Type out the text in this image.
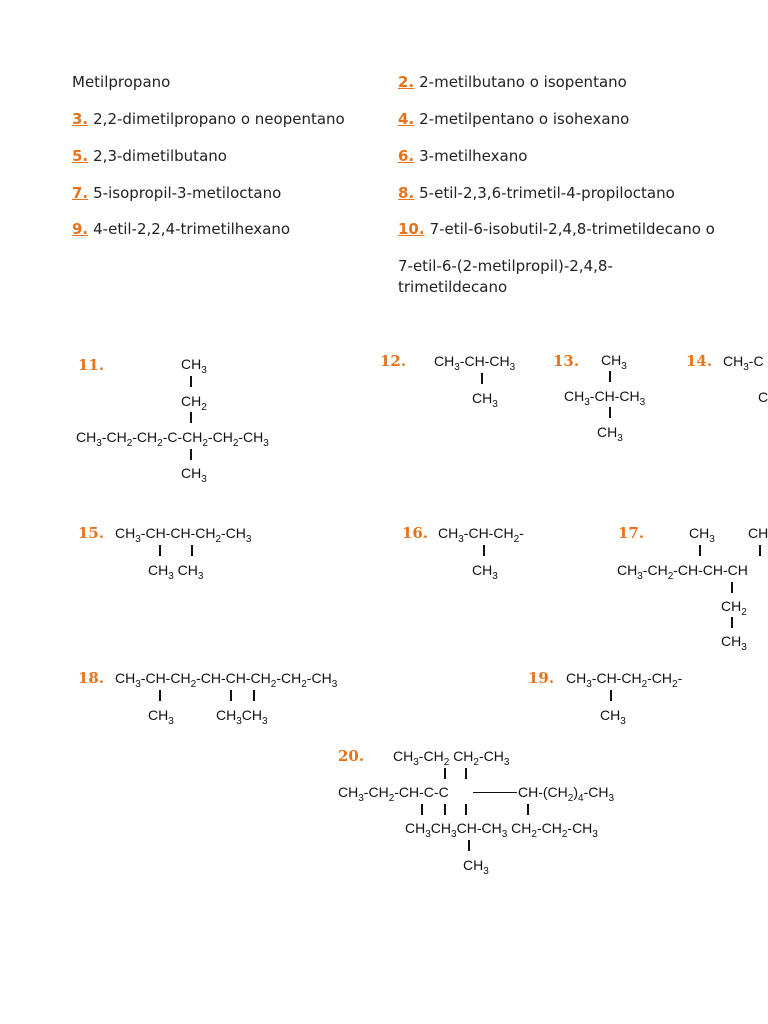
Metilpropano	2. 2-metilbutano o isopentano
3. 2,2-dimetilpropano o neopentano	4. 2-metilpentano o isohexano
5. 2,3-dimetilbutano	6. 3-metilhexano
7. 5-isopropil-3-metiloctano	8. 5-etil-2,3,6-trimetil-4-propiloctano
9. 4-etil-2,2,4-trimetilhexano	10. 7-etil-6-isobutil-2,4,8-trimetildecano o
7-etil-6-(2-metilpropil)-2,4,8-trimetildecano
11.	$CH_3$
$CH_2$
$CH_3-CH_2-CH_2-C-CH_2-CH_2-CH_3$
$CH_3$
12. $CH_3-CH-CH_3$
$CH_3$
13. $CH_3$
$CH_3-CH-CH_3$
$CH_3$
14. $CH_3-C$
C
15. $CH_3-CH-CH-CH_2-CH_3$
$CH_3$ $CH_3$
16. $CH_3-CH-CH_2-$
$CH_3$
17.	$CH_3$ CH
$CH_3-CH_2-CH-CH-CH$
$CH_2$
$CH_3$
18. $CH_3-CH-CH_2-CH-CH-CH_2-CH_2-CH_3$
$CH_3$	$CH_3CH_3$
19. $CH_3-CH-CH_2-CH_2-$
$CH_3$
20. $CH_3-CH_2$ $CH_2-CH_3$
$CH_3-CH_2-CH-C-C$	$CH-(CH_2)_4-CH_3$
$CH_3CH_3CH-CH_3$ $CH_2-CH_2-CH_3$
$CH_3$
